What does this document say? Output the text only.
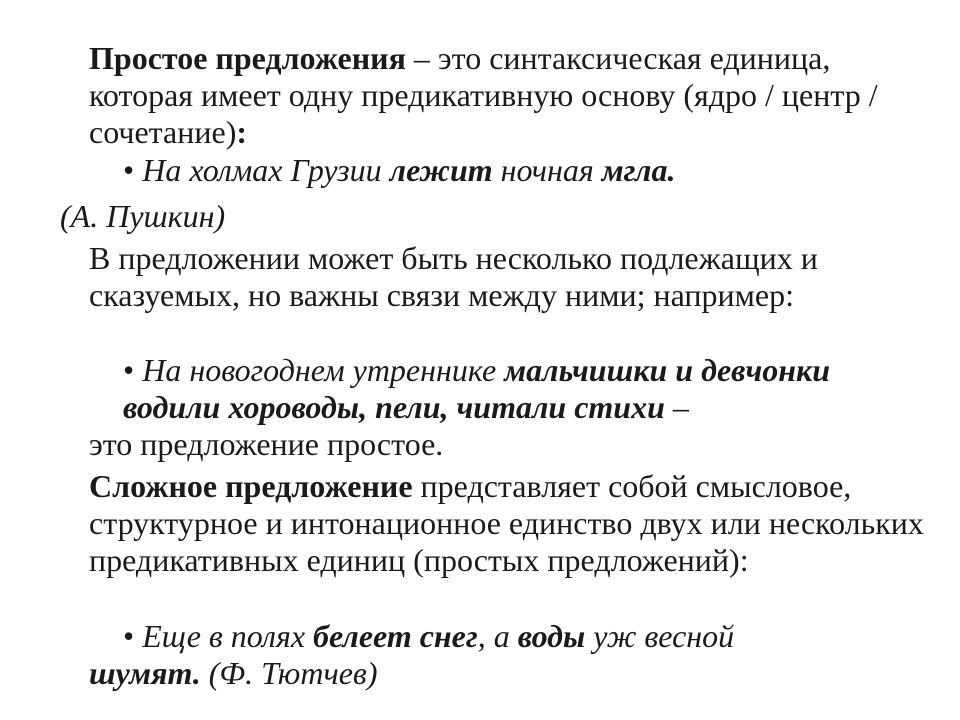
Простое предложения – это синтаксическая единица, которая имеет одну предикативную основу (ядро / центр / сочетание):

• На холмах Грузии лежит ночная мгла.

(А. Пушкин)

В предложении может быть несколько подлежащих и сказуемых, но важны связи между ними; например:

• На новогоднем утреннике мальчишки и девчонки водили хороводы, пели, читали стихи –

это предложение простое.

Сложное предложение представляет собой смысловое, структурное и интонационное единство двух или нескольких предикативных единиц (простых предложений):

• Еще в полях белеет снег, а воды уж весной

шумят. (Ф. Тютчев)
